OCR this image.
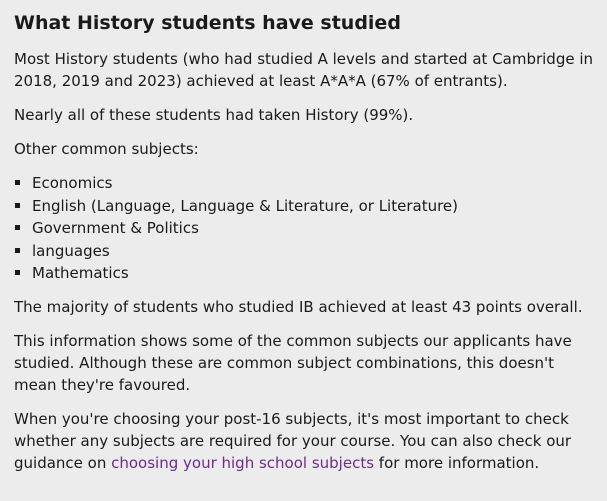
What History students have studied

Most History students (who had studied A levels and started at Cambridge in 2018, 2019 and 2023) achieved at least A*A*A (67% of entrants).

Nearly all of these students had taken History (99%).

Other common subjects:

Economics
English (Language, Language & Literature, or Literature)
Government & Politics
languages
Mathematics

The majority of students who studied IB achieved at least 43 points overall.

This information shows some of the common subjects our applicants have studied. Although these are common subject combinations, this doesn't mean they're favoured.

When you're choosing your post-16 subjects, it's most important to check whether any subjects are required for your course. You can also check our guidance on choosing your high school subjects for more information.
